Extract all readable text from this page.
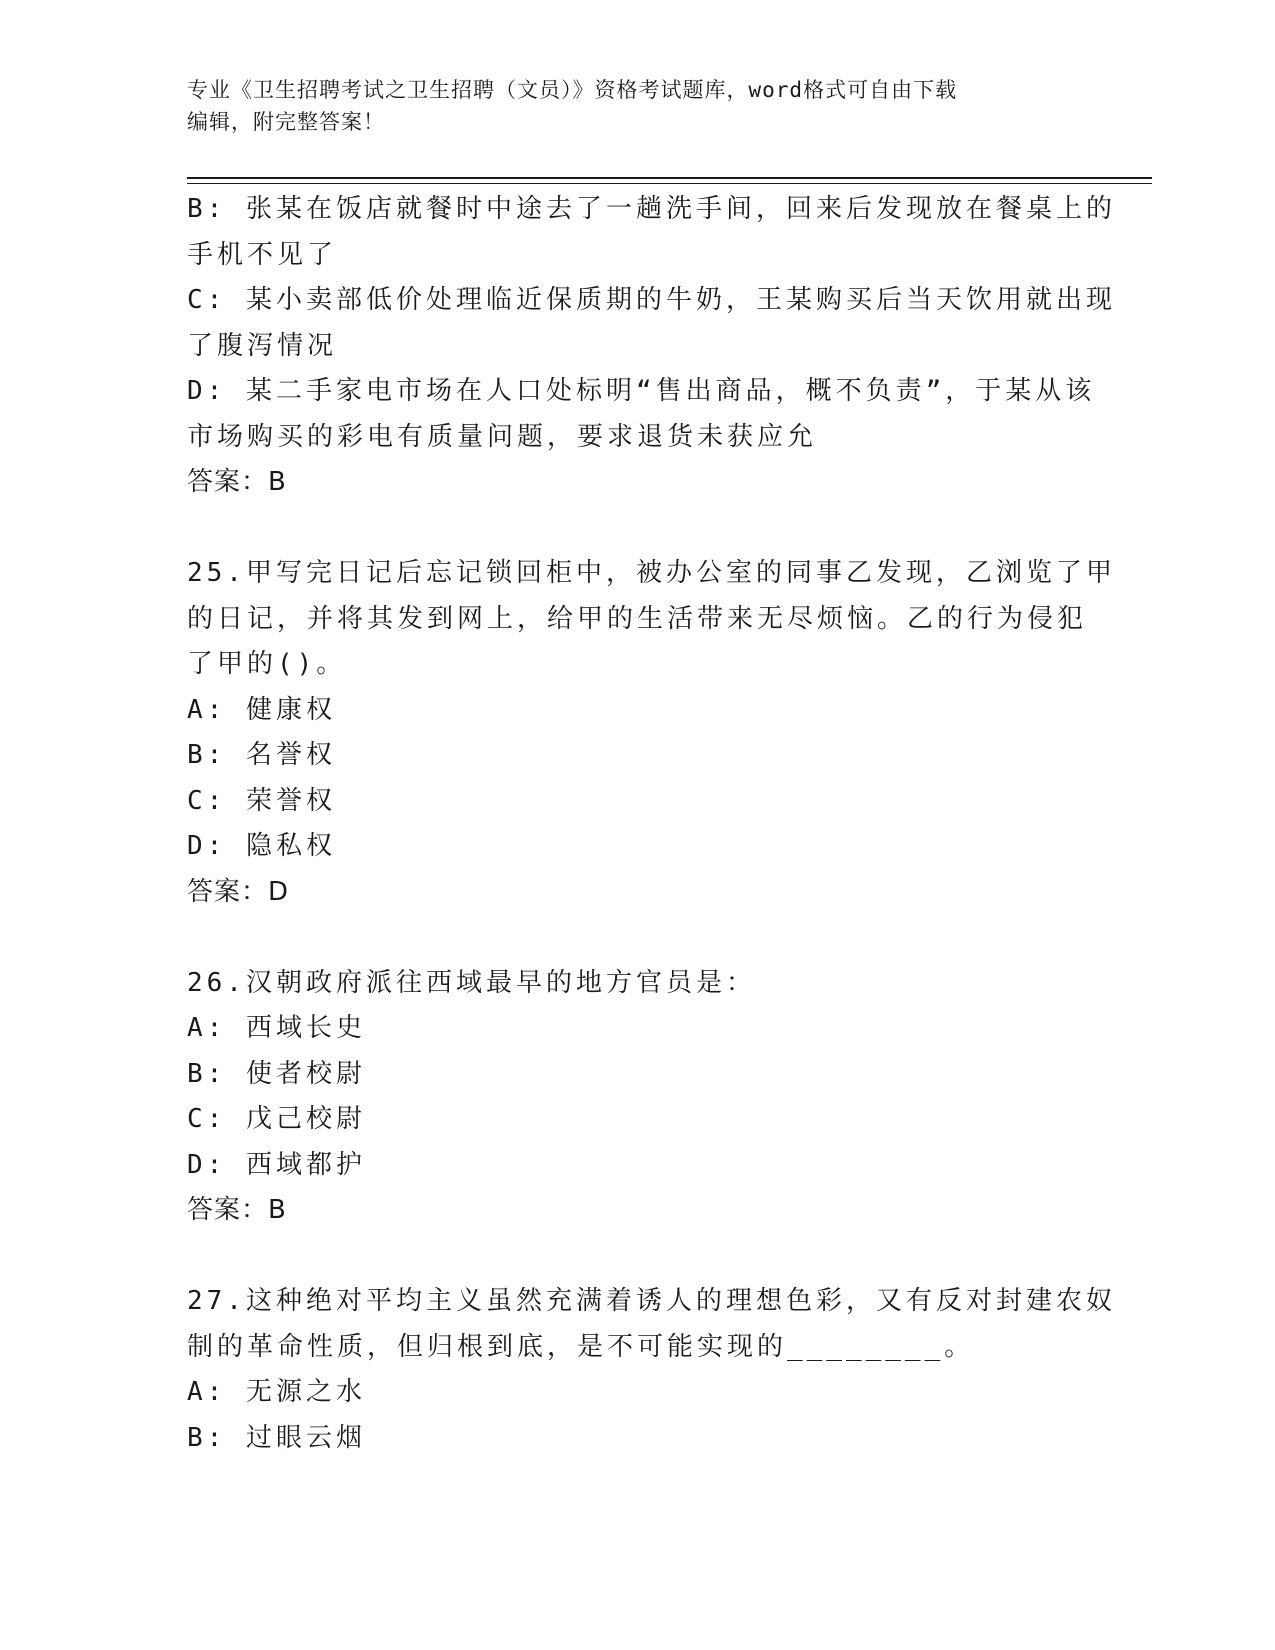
专业《卫生招聘考试之卫生招聘（文员）》资格考试题库，word格式可自由下载
编辑，附完整答案！
B: 张某在饭店就餐时中途去了一趟洗手间，回来后发现放在餐桌上的
手机不见了
C: 某小卖部低价处理临近保质期的牛奶，王某购买后当天饮用就出现
了腹泻情况
D: 某二手家电市场在人口处标明“售出商品，概不负责”，于某从该
市场购买的彩电有质量问题，要求退货未获应允
答案：B
25.甲写完日记后忘记锁回柜中，被办公室的同事乙发现，乙浏览了甲
的日记，并将其发到网上，给甲的生活带来无尽烦恼。乙的行为侵犯
了甲的()。
A: 健康权
B: 名誉权
C: 荣誉权
D: 隐私权
答案：D
26.汉朝政府派往西域最早的地方官员是：
A: 西域长史
B: 使者校尉
C: 戊己校尉
D: 西域都护
答案：B
27.这种绝对平均主义虽然充满着诱人的理想色彩，又有反对封建农奴
制的革命性质，但归根到底，是不可能实现的________。
A: 无源之水
B: 过眼云烟
